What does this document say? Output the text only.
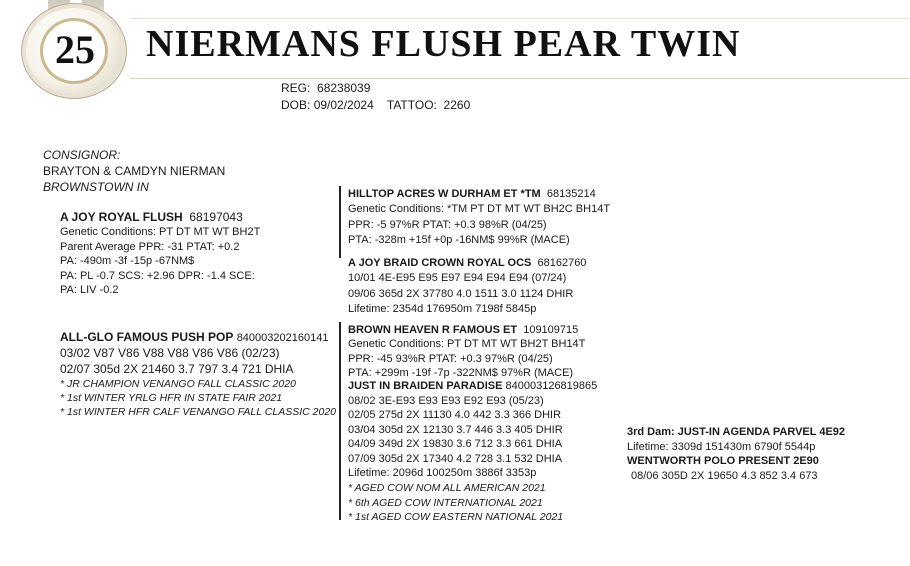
25	NIERMANS FLUSH PEAR TWIN
REG: 68238039
DOB: 09/02/2024 TATTOO: 2260
CONSIGNOR:
BRAYTON & CAMDYN NIERMAN
BROWNSTOWN IN
A JOY ROYAL FLUSH 68197043
Genetic Conditions: PT DT MT WT BH2T
Parent Average PPR: -31 PTAT: +0.2
PA: -490m -3f -15p -67NM$
PA: PL -0.7 SCS: +2.96 DPR: -1.4 SCE:
PA: LIV -0.2
ALL-GLO FAMOUS PUSH POP 840003202160141
03/02 V87 V86 V88 V88 V86 V86 (02/23)
02/07 305d 2X 21460 3.7 797 3.4 721 DHIA
* JR CHAMPION VENANGO FALL CLASSIC 2020
* 1st WINTER YRLG HFR IN STATE FAIR 2021
* 1st WINTER HFR CALF VENANGO FALL CLASSIC 2020
HILLTOP ACRES W DURHAM ET *TM 68135214
Genetic Conditions: *TM PT DT MT WT BH2C BH14T
PPR: -5 97%R PTAT: +0.3 98%R (04/25)
PTA: -328m +15f +0p -16NM$ 99%R (MACE)
A JOY BRAID CROWN ROYAL OCS 68162760
10/01 4E-E95 E95 E97 E94 E94 E94 (07/24)
09/06 365d 2X 37780 4.0 1511 3.0 1124 DHIR
Lifetime: 2354d 176950m 7198f 5845p
BROWN HEAVEN R FAMOUS ET 109109715
Genetic Conditions: PT DT MT WT BH2T BH14T
PPR: -45 93%R PTAT: +0.3 97%R (04/25)
PTA: +299m -19f -7p -322NM$ 97%R (MACE)
JUST IN BRAIDEN PARADISE 840003126819865
08/02 3E-E93 E93 E93 E92 E93 (05/23)
02/05 275d 2X 11130 4.0 442 3.3 366 DHIR
03/04 305d 2X 12130 3.7 446 3.3 405 DHIR
04/09 349d 2X 19830 3.6 712 3.3 661 DHIA
07/09 305d 2X 17340 4.2 728 3.1 532 DHIA
Lifetime: 2096d 100250m 3886f 3353p
* AGED COW NOM ALL AMERICAN 2021
* 6th AGED COW INTERNATIONAL 2021
* 1st AGED COW EASTERN NATIONAL 2021
3rd Dam: JUST-IN AGENDA PARVEL 4E92
Lifetime: 3309d 151430m 6790f 5544p
WENTWORTH POLO PRESENT 2E90
08/06 305D 2X 19650 4.3 852 3.4 673
